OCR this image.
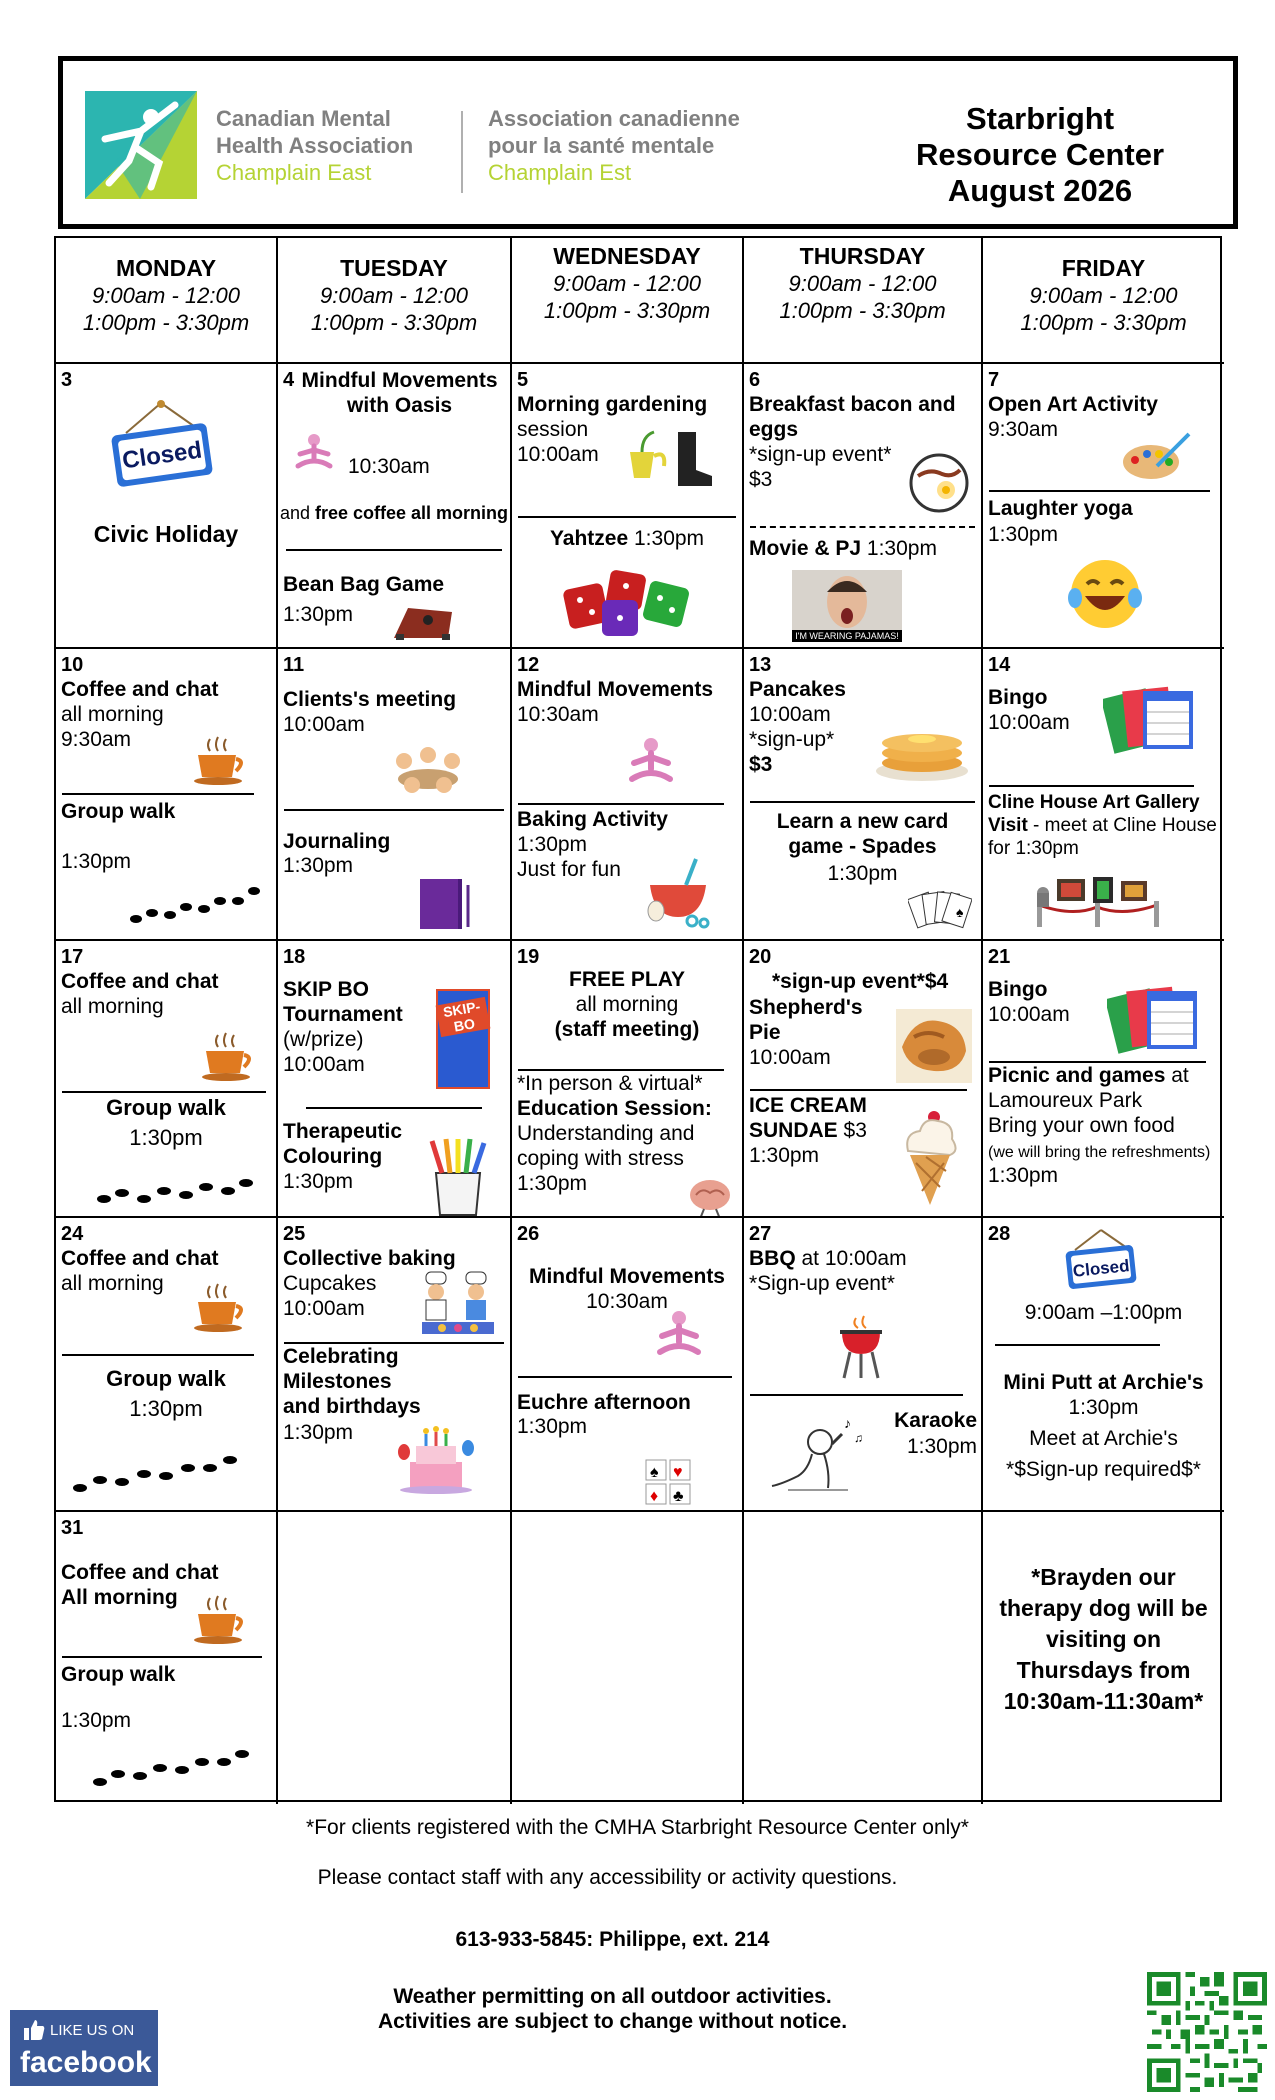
Canadian Mental
Health Association
Champlain East
Association canadienne
pour la santé mentale
Champlain Est
Starbright
Resource Center
August 2026
MONDAY
9:00am - 12:00
1:00pm - 3:30pm
TUESDAY
9:00am - 12:00
1:00pm - 3:30pm
WEDNESDAY
9:00am - 12:00
1:00pm - 3:30pm
THURSDAY
9:00am - 12:00
1:00pm - 3:30pm
FRIDAY
9:00am - 12:00
1:00pm - 3:30pm
3
Closed
Civic Holiday
4 Mindful Movements with Oasis
10:30am
and free coffee all morning
Bean Bag Game
1:30pm
5
Morning gardening
session
10:00am
Yahtzee 1:30pm
6
Breakfast bacon and eggs
*sign-up event*
$3
Movie & PJ 1:30pm
I'M WEARING PAJAMAS!
7
Open Art Activity
9:30am
Laughter yoga
1:30pm
10
Coffee and chat
all morning
9:30am
Group walk
1:30pm
11
Clients's meeting
10:00am
Journaling
1:30pm
12
Mindful Movements
10:30am
Baking Activity
1:30pm
Just for fun
13
Pancakes
10:00am
*sign-up*
$3
Learn a new card game - Spades
1:30pm
♠
14
Bingo
10:00am
Cline House Art Gallery Visit - meet at Cline House for 1:30pm
17
Coffee and chat
all morning
Group walk
1:30pm
18
SKIP BO Tournament
(w/prize)
10:00am
SKIP-BO
Therapeutic Colouring
1:30pm
19
FREE PLAY
all morning
(staff meeting)
*In person & virtual*
Education Session:
Understanding and coping with stress
1:30pm
20
*sign-up event*$4
Shepherd's Pie
10:00am
ICE CREAM SUNDAE $3
1:30pm
21
Bingo
10:00am
Picnic and games at Lamoureux Park
Bring your own food
(we will bring the refreshments) 1:30pm
24
Coffee and chat
all morning
Group walk
1:30pm
25
Collective baking
Cupcakes
10:00am
Celebrating Milestones and birthdays
1:30pm
26
Mindful Movements
10:30am
Euchre afternoon
1:30pm
♠ ♥
♦ ♣
27
BBQ at 10:00am
*Sign-up event*
Karaoke
1:30pm
♪
♫
28
Closed
9:00am –1:00pm
Mini Putt at Archie's
1:30pm
Meet at Archie's
*$Sign-up required$*
31
Coffee and chat
All morning
Group walk
1:30pm
*Brayden our therapy dog will be visiting on Thursdays from 10:30am-11:30am*
*For clients registered with the CMHA Starbright Resource Center only*
Please contact staff with any accessibility or activity questions.
613-933-5845: Philippe, ext. 214
Weather permitting on all outdoor activities.
Activities are subject to change without notice.
LIKE US ON
facebook
